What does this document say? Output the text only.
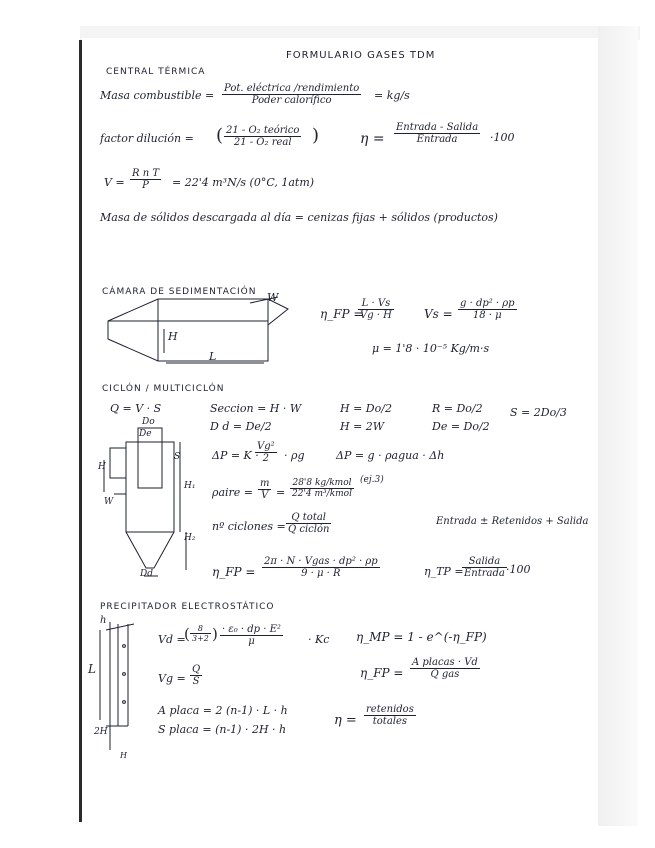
FORMULARIO GASES TDM
CENTRAL TÉRMICA
Masa combustible =
Pot. eléctrica /rendimiento
Poder calorífico	= kg/s
factor dilución = ( 21 - O₂ teórico
21 - O₂ real	)	η =
Entrada - Salida
Entrada	·100
$V = \frac{\text{R n T}}{P} = 22'4$ m³N/s (0°C, 1atm)
Masa de sólidos descargada al día = cenizas fijas + sólidos (productos)
CÁMARA DE SEDIMENTACIÓN W
H
L
η_FP =
$\frac{L \cdot Vs}{Vg \cdot H}$	$Vs = \frac{\text{g · dp² · ρp}}{18 \cdot \mu}$
μ = 1'8 · 10⁻⁵ Kg/m·s
CICLÓN / MULTICICLÓN
Q = V · S	Seccion = H · W	H = Do/2	R = Do/2 S = 2Do/3
D d = De/2	H = 2W	De = Do/2
Do
De
S
H
W
H₁
H₂
Dd
ΔP = K ·
$\frac{\text{Vg²}}{2} \cdot \rho g$	ΔP = g · ρagua · Δh
ρaire = $\frac{m}{V}$ =
28'8 kg/kmol
22'4 m³/kmol
(ej.3)
nº ciclones =
Q total
Q ciclón
Entrada ± Retenidos + Salida
η_FP =
2π · N · Vgas · dp² · ρp
9 · μ · R	η_TP =
Salida
Entrada ·100
PRECIPITADOR ELECTROSTÁTICO
h
L
2H
H
Vd =
( $\frac{8}{3+2}$ ) $\frac{\text{· ε₀ · dp · E²}}{\mu} \cdot Kc$
$Vg = \frac{Q}{S}$
A placa = 2 (n-1) · L · h
S placa = (n-1) · 2H · h
η_MP = 1 - e^(-η_FP)
η_FP =
A placas · Vd
Q gas
η =
retenidos
totales
